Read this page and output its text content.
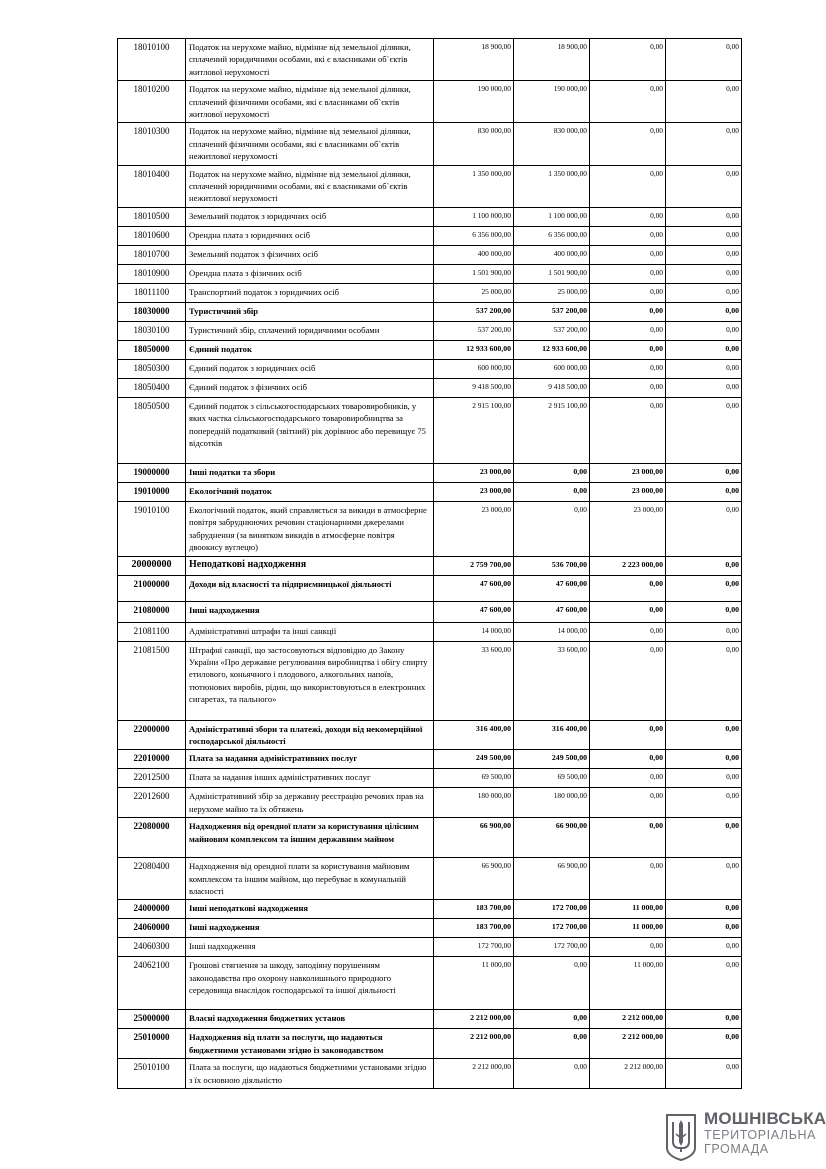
18010100	Податок на нерухоме майно, відмінне від земельної ділянки, сплачений юридичними особами, які є власниками об`єктів житлової нерухомості	18 900,00	18 900,00	0,00	0,00
18010200	Податок на нерухоме майно, відмінне від земельної ділянки, сплачений фізичними особами, які є власниками об`єктів житлової нерухомості	190 000,00	190 000,00	0,00	0,00
18010300	Податок на нерухоме майно, відмінне від земельної ділянки, сплачений фізичними особами, які є власниками об`єктів нежитлової нерухомості	830 000,00	830 000,00	0,00	0,00
18010400	Податок на нерухоме майно, відмінне від земельної ділянки, сплачений юридичними особами, які є власниками об`єктів нежитлової нерухомості	1 350 000,00	1 350 000,00	0,00	0,00
18010500	Земельний податок з юридичних осіб	1 100 000,00	1 100 000,00	0,00	0,00
18010600	Орендна плата з юридичних осіб	6 356 000,00	6 356 000,00	0,00	0,00
18010700	Земельний податок з фізичних осіб	400 000,00	400 000,00	0,00	0,00
18010900	Орендна плата з фізичних осіб	1 501 900,00	1 501 900,00	0,00	0,00
18011100	Транспортний податок з юридичних осіб	25 000,00	25 000,00	0,00	0,00
18030000	Туристичний збір	537 200,00	537 200,00	0,00	0,00
18030100	Туристичний збір, сплачений юридичними особами	537 200,00	537 200,00	0,00	0,00
18050000	Єдиний податок	12 933 600,00	12 933 600,00	0,00	0,00
18050300	Єдиний податок з юридичних осіб	600 000,00	600 000,00	0,00	0,00
18050400	Єдиний податок з фізичних осіб	9 418 500,00	9 418 500,00	0,00	0,00
18050500	Єдиний податок з сільськогосподарських товаровиробників, у яких частка сільськогосподарського товаровиробництва за попередній податковий (звітний) рік дорівнює або перевищує 75 відсотків	2 915 100,00	2 915 100,00	0,00	0,00
19000000	Інші податки та збори	23 000,00	0,00	23 000,00	0,00
19010000	Екологічний податок	23 000,00	0,00	23 000,00	0,00
19010100	Екологічний податок, який справляється за викиди в атмосферне повітря забруднюючих речовин стаціонарними джерелами забруднення (за винятком викидів в атмосферне повітря двоокису вуглецю)	23 000,00	0,00	23 000,00	0,00
20000000	Неподаткові надходження	2 759 700,00	536 700,00	2 223 000,00	0,00
21000000	Доходи від власності та підприємницької діяльності	47 600,00	47 600,00	0,00	0,00
21080000	Інші надходження	47 600,00	47 600,00	0,00	0,00
21081100	Адміністративні штрафи та інші санкції	14 000,00	14 000,00	0,00	0,00
21081500	Штрафні санкції, що застосовуються відповідно до Закону України «Про державне регулювання виробництва і обігу спирту етилового, коньячного і плодового, алкогольних напоїв, тютюнових виробів, рідин, що використовуються в електронних сигаретах, та пального»	33 600,00	33 600,00	0,00	0,00
22000000	Адміністративні збори та платежі, доходи від некомерційної господарської діяльності	316 400,00	316 400,00	0,00	0,00
22010000	Плата за надання адміністративних послуг	249 500,00	249 500,00	0,00	0,00
22012500	Плата за надання інших адміністративних послуг	69 500,00	69 500,00	0,00	0,00
22012600	Адміністративний збір за державну реєстрацію речових прав на нерухоме майно та їх обтяжень	180 000,00	180 000,00	0,00	0,00
22080000	Надходження від орендної плати за користування цілісним майновим комплексом та іншим державним майном	66 900,00	66 900,00	0,00	0,00
22080400	Надходження від орендної плати за користування майновим комплексом та іншим майном, що перебуває в комунальній власності	66 900,00	66 900,00	0,00	0,00
24000000	Інші неподаткові надходження	183 700,00	172 700,00	11 000,00	0,00
24060000	Інші надходження	183 700,00	172 700,00	11 000,00	0,00
24060300	Інші надходження	172 700,00	172 700,00	0,00	0,00
24062100	Грошові стягнення за шкоду, заподіяну порушенням законодавства про охорону навколишнього природного середовища внаслідок господарської та іншої діяльності	11 000,00	0,00	11 000,00	0,00
25000000	Власні надходження бюджетних установ	2 212 000,00	0,00	2 212 000,00	0,00
25010000	Надходження від плати за послуги, що надаються бюджетними установами згідно із законодавством	2 212 000,00	0,00	2 212 000,00	0,00
25010100	Плата за послуги, що надаються бюджетними установами згідно з їх основною діяльністю	2 212 000,00	0,00	2 212 000,00	0,00
МОШНІВСЬКА
ТЕРИТОРІАЛЬНА
ГРОМАДА
